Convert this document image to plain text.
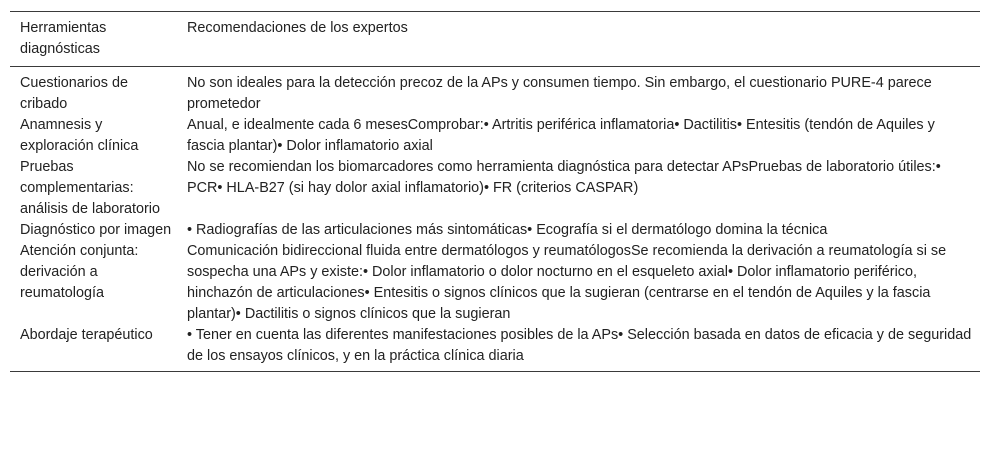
Herramientas diagnósticas	Recomendaciones de los expertos
Cuestionarios de cribado	No son ideales para la detección precoz de la APs y consumen tiempo. Sin embargo, el cuestionario PURE-4 parece prometedor
Anamnesis y exploración clínica	Anual, e idealmente cada 6 mesesComprobar:• Artritis periférica inflamatoria• Dactilitis• Entesitis (tendón de Aquiles y fascia plantar)• Dolor inflamatorio axial
Pruebas complementarias: análisis de laboratorio	No se recomiendan los biomarcadores como herramienta diagnóstica para detectar APsPruebas de laboratorio útiles:• PCR• HLA-B27 (si hay dolor axial inflamatorio)• FR (criterios CASPAR)
Diagnóstico por imagen	• Radiografías de las articulaciones más sintomáticas• Ecografía si el dermatólogo domina la técnica
Atención conjunta: derivación a reumatología	Comunicación bidireccional fluida entre dermatólogos y reumatólogosSe recomienda la derivación a reumatología si se sospecha una APs y existe:• Dolor inflamatorio o dolor nocturno en el esqueleto axial• Dolor inflamatorio periférico, hinchazón de articulaciones• Entesitis o signos clínicos que la sugieran (centrarse en el tendón de Aquiles y la fascia plantar)• Dactilitis o signos clínicos que la sugieran
Abordaje terapéutico	• Tener en cuenta las diferentes manifestaciones posibles de la APs• Selección basada en datos de eficacia y de seguridad de los ensayos clínicos, y en la práctica clínica diaria
